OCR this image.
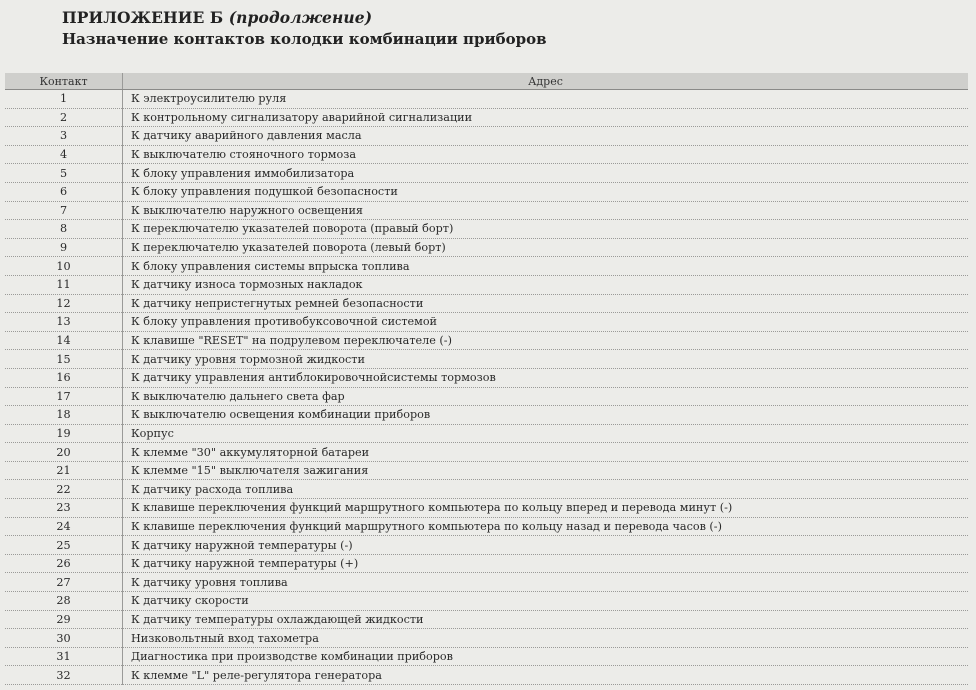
ПРИЛОЖЕНИЕ Б (продолжение)
Назначение контактов колодки комбинации приборов
Контакт	Адрес
1	К электроусилителю руля
2	К контрольному сигнализатору аварийной сигнализации
3	К датчику аварийного давления масла
4	К выключателю стояночного тормоза
5	К блоку управления иммобилизатора
6	К блоку управления подушкой безопасности
7	К выключателю наружного освещения
8	К переключателю указателей поворота (правый борт)
9	К переключателю указателей поворота (левый борт)
10	К блоку управления системы впрыска топлива
11	К датчику износа тормозных накладок
12	К датчику непристегнутых ремней безопасности
13	К блоку управления противобуксовочной системой
14	К клавише "RESET" на подрулевом переключателе (-)
15	К датчику уровня тормозной жидкости
16	К датчику управления антиблокировочнойсистемы тормозов
17	К выключателю дальнего света фар
18	К выключателю освещения комбинации приборов
19	Корпус
20	К клемме "30" аккумуляторной батареи
21	К клемме "15" выключателя зажигания
22	К датчику расхода топлива
23	К клавише переключения функций маршрутного компьютера по кольцу вперед и перевода минут (-)
24	К клавише переключения функций маршрутного компьютера по кольцу назад и перевода часов (-)
25	К датчику наружной температуры (-)
26	К датчику наружной температуры (+)
27	К датчику уровня топлива
28	К датчику скорости
29	К датчику температуры охлаждающей жидкости
30	Низковольтный вход тахометра
31	Диагностика при производстве комбинации приборов
32	К клемме "L" реле-регулятора генератора
